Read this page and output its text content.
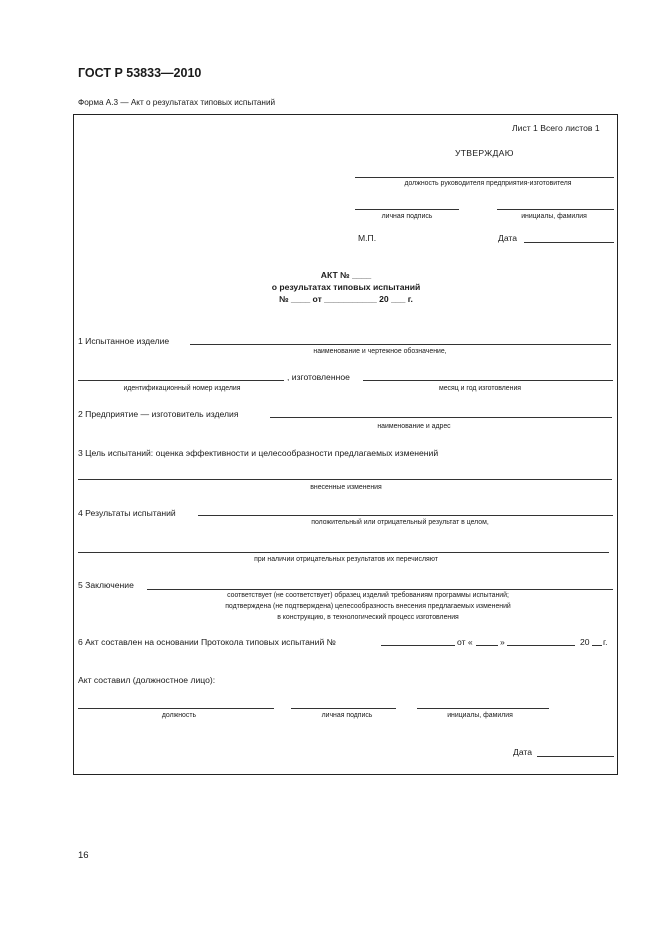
ГОСТ Р 53833—2010
Форма А.3 — Акт о результатах типовых испытаний
Лист 1 Всего листов 1
УТВЕРЖДАЮ
должность руководителя предприятия-изготовителя
личная подпись	инициалы, фамилия
М.П.	Дата
АКТ № ____
о результатах типовых испытаний
№ ____ от ___________ 20 ___ г.
1 Испытанное изделие
наименование и чертежное обозначение,
, изготовленное
идентификационный номер изделия	месяц и год изготовления
2 Предприятие — изготовитель изделия
наименование и адрес
3 Цель испытаний: оценка эффективности и целесообразности предлагаемых изменений
внесенные изменения
4 Результаты испытаний
положительный или отрицательный результат в целом,
при наличии отрицательных результатов их перечисляют
5 Заключение
соответствует (не соответствует) образец изделий требованиям программы испытаний;
подтверждена (не подтверждена) целесообразность внесения предлагаемых изменений
в конструкцию, в технологический процесс изготовления
6 Акт составлен на основании Протокола типовых испытаний №	от «	»	20 г.
Акт составил (должностное лицо):
должность	личная подпись	инициалы, фамилия
Дата
16
